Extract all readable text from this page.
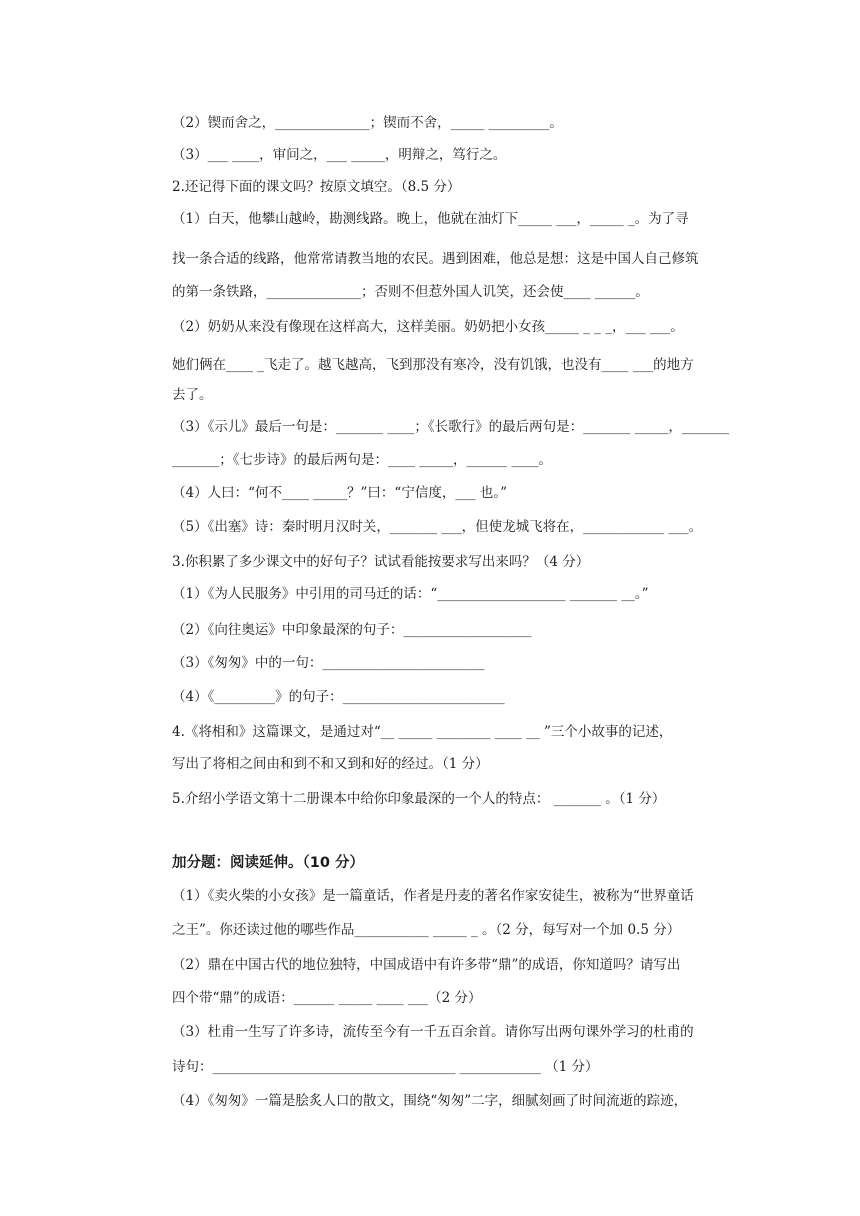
（2）锲而舍之，______________；锲而不舍，_____ _________。
（3）___ ____，审问之，___ _____，明辩之，笃行之。
2.还记得下面的课文吗？按原文填空。（8.5 分）
（1）白天，他攀山越岭，勘测线路。晚上，他就在油灯下_____ ___，_____ _。为了寻
找一条合适的线路，他常常请教当地的农民。遇到困难，他总是想：这是中国人自己修筑
的第一条铁路，______________；否则不但惹外国人讥笑，还会使____ ______。
（2）奶奶从来没有像现在这样高大，这样美丽。奶奶把小女孩_____ _ _ _，___ ___。
她们俩在____ _飞走了。越飞越高，飞到那没有寒冷，没有饥饿，也没有____ ___的地方
去了。
（3）《示儿》最后一句是：_______ ____；《长歌行》的最后两句是：_______ _____，_______
_______；《七步诗》的最后两句是：____ _____，______ ____。
（4）人曰：“何不____ _____？”曰：“宁信度，___ 也。”
（5）《出塞》诗：秦时明月汉时关，_______ ___，但使龙城飞将在，____________ ___。
3.你积累了多少课文中的好句子？试试看能按要求写出来吗？（4 分）
（1）《为人民服务》中引用的司马迁的话：“___________________ _______ __。”
（2）《向往奥运》中印象最深的句子：___________________
（3）《匆匆》中的一句：________________________
（4）《_________》的句子：________________________
4.《将相和》这篇课文，是通过对“__ _____ ________ ____ __ ”三个小故事的记述，
写出了将相之间由和到不和又到和好的经过。（1 分）
5.介绍小学语文第十二册课本中给你印象最深的一个人的特点： _______ 。（1 分）
加分题：阅读延伸。（10 分）
（1）《卖火柴的小女孩》是一篇童话，作者是丹麦的著名作家安徒生，被称为“世界童话
之王”。你还读过他的哪些作品___________ _____ _ 。（2 分，每写对一个加 0.5 分）
（2）鼎在中国古代的地位独特，中国成语中有许多带“鼎”的成语，你知道吗？请写出
四个带“鼎”的成语：______ _____ ____ ___（2 分）
（3）杜甫一生写了许多诗，流传至今有一千五百余首。请你写出两句课外学习的杜甫的
诗句：____________________________________ ____________ （1 分）
（4）《匆匆》一篇是脍炙人口的散文，围绕“匆匆”二字，细腻刻画了时间流逝的踪迹，
